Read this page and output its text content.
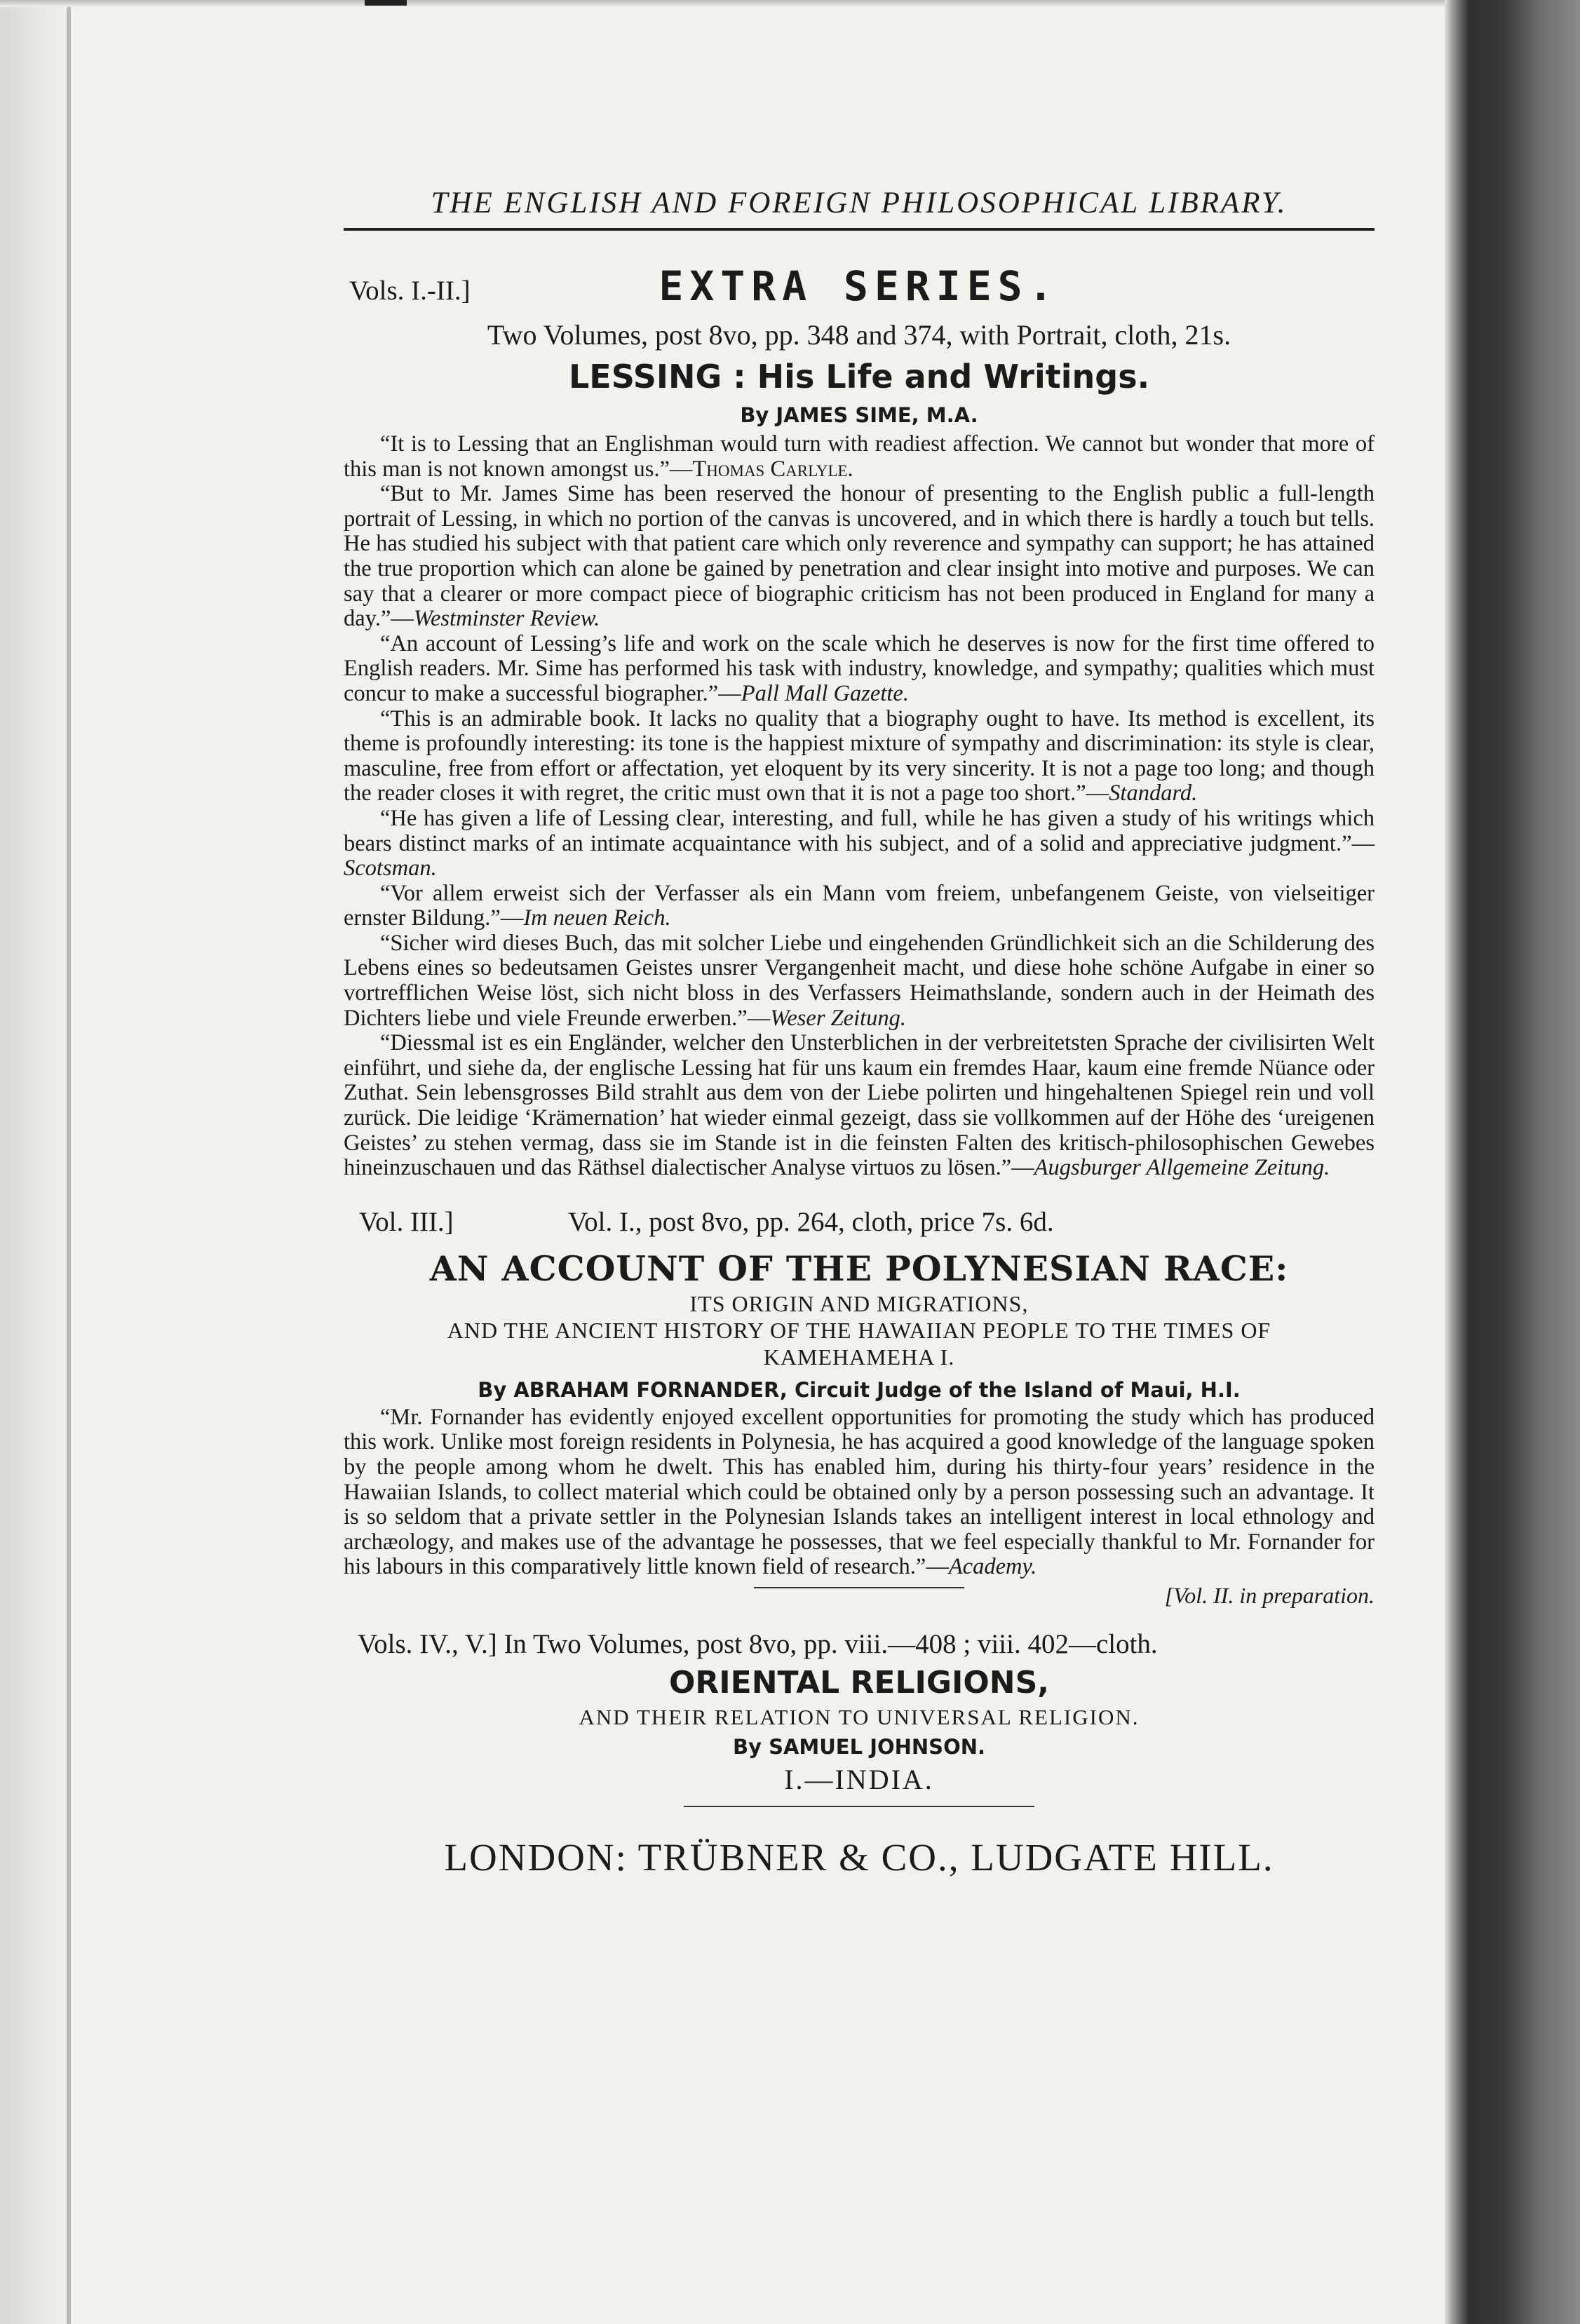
THE ENGLISH AND FOREIGN PHILOSOPHICAL LIBRARY.
Vols. I.-II.]	EXTRA SERIES.
Two Volumes, post 8vo, pp. 348 and 374, with Portrait, cloth, 21s.
LESSING : His Life and Writings.
By JAMES SIME, M.A.

“It is to Lessing that an Englishman would turn with readiest affection. We cannot but wonder that more of this man is not known amongst us.”—Thomas Carlyle.

“But to Mr. James Sime has been reserved the honour of presenting to the English public a full-length portrait of Lessing, in which no portion of the canvas is uncovered, and in which there is hardly a touch but tells. He has studied his subject with that patient care which only reverence and sympathy can support; he has attained the true proportion which can alone be gained by penetration and clear insight into motive and purposes. We can say that a clearer or more compact piece of biographic criticism has not been produced in England for many a day.”—Westminster Review.

“An account of Lessing’s life and work on the scale which he deserves is now for the first time offered to English readers. Mr. Sime has performed his task with industry, knowledge, and sympathy; qualities which must concur to make a successful biographer.”—Pall Mall Gazette.

“This is an admirable book. It lacks no quality that a biography ought to have. Its method is excellent, its theme is profoundly interesting: its tone is the happiest mixture of sympathy and discrimination: its style is clear, masculine, free from effort or affectation, yet eloquent by its very sincerity. It is not a page too long; and though the reader closes it with regret, the critic must own that it is not a page too short.”—Standard.

“He has given a life of Lessing clear, interesting, and full, while he has given a study of his writings which bears distinct marks of an intimate acquaintance with his subject, and of a solid and appreciative judgment.”—Scotsman.

“Vor allem erweist sich der Verfasser als ein Mann vom freiem, unbefangenem Geiste, von vielseitiger ernster Bildung.”—Im neuen Reich.

“Sicher wird dieses Buch, das mit solcher Liebe und eingehenden Gründlichkeit sich an die Schilderung des Lebens eines so bedeutsamen Geistes unsrer Vergangenheit macht, und diese hohe schöne Aufgabe in einer so vortrefflichen Weise löst, sich nicht bloss in des Verfassers Heimathslande, sondern auch in der Heimath des Dichters liebe und viele Freunde erwerben.”—Weser Zeitung.

“Diessmal ist es ein Engländer, welcher den Unsterblichen in der verbreitetsten Sprache der civilisirten Welt einführt, und siehe da, der englische Lessing hat für uns kaum ein fremdes Haar, kaum eine fremde Nüance oder Zuthat. Sein lebensgrosses Bild strahlt aus dem von der Liebe polirten und hingehaltenen Spiegel rein und voll zurück. Die leidige ‘Krämernation’ hat wieder einmal gezeigt, dass sie vollkommen auf der Höhe des ‘ureigenen Geistes’ zu stehen vermag, dass sie im Stande ist in die feinsten Falten des kritisch-philosophischen Gewebes hineinzuschauen und das Räthsel dialectischer Analyse virtuos zu lösen.”—Augsburger Allgemeine Zeitung.

Vol. III.]	Vol. I., post 8vo, pp. 264, cloth, price 7s. 6d.
AN ACCOUNT OF THE POLYNESIAN RACE:
ITS ORIGIN AND MIGRATIONS,
AND THE ANCIENT HISTORY OF THE HAWAIIAN PEOPLE TO THE TIMES OF
KAMEHAMEHA I.
By ABRAHAM FORNANDER, Circuit Judge of the Island of Maui, H.I.

“Mr. Fornander has evidently enjoyed excellent opportunities for promoting the study which has produced this work. Unlike most foreign residents in Polynesia, he has acquired a good knowledge of the language spoken by the people among whom he dwelt. This has enabled him, during his thirty-four years’ residence in the Hawaiian Islands, to collect material which could be obtained only by a person possessing such an advantage. It is so seldom that a private settler in the Polynesian Islands takes an intelligent interest in local ethnology and archæology, and makes use of the advantage he possesses, that we feel especially thankful to Mr. Fornander for his labours in this comparatively little known field of research.”—Academy.

[Vol. II. in preparation.
Vols. IV., V.] In Two Volumes, post 8vo, pp. viii.—408 ; viii. 402—cloth.
ORIENTAL RELIGIONS,
AND THEIR RELATION TO UNIVERSAL RELIGION.
By SAMUEL JOHNSON.
I.—INDIA.
LONDON: TRÜBNER & CO., LUDGATE HILL.
